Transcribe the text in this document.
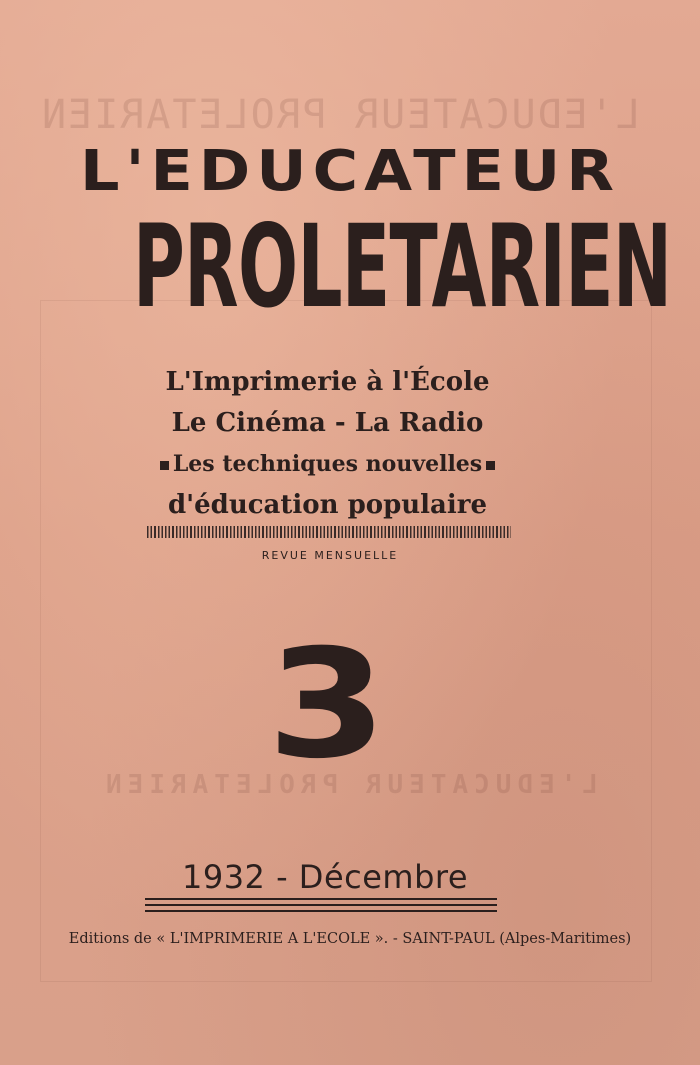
L'EDUCATEUR PROLETARIEN
L'EDUCATEUR PROLETARIEN
L'EDUCATEUR
PROLETARIEN
L'Imprimerie à l'École
Le Cinéma - La Radio
Les techniques nouvelles
d'éducation populaire
REVUE MENSUELLE
3
1932 - Décembre
Editions de « L'IMPRIMERIE A L'ECOLE ». - SAINT-PAUL (Alpes-Maritimes)
